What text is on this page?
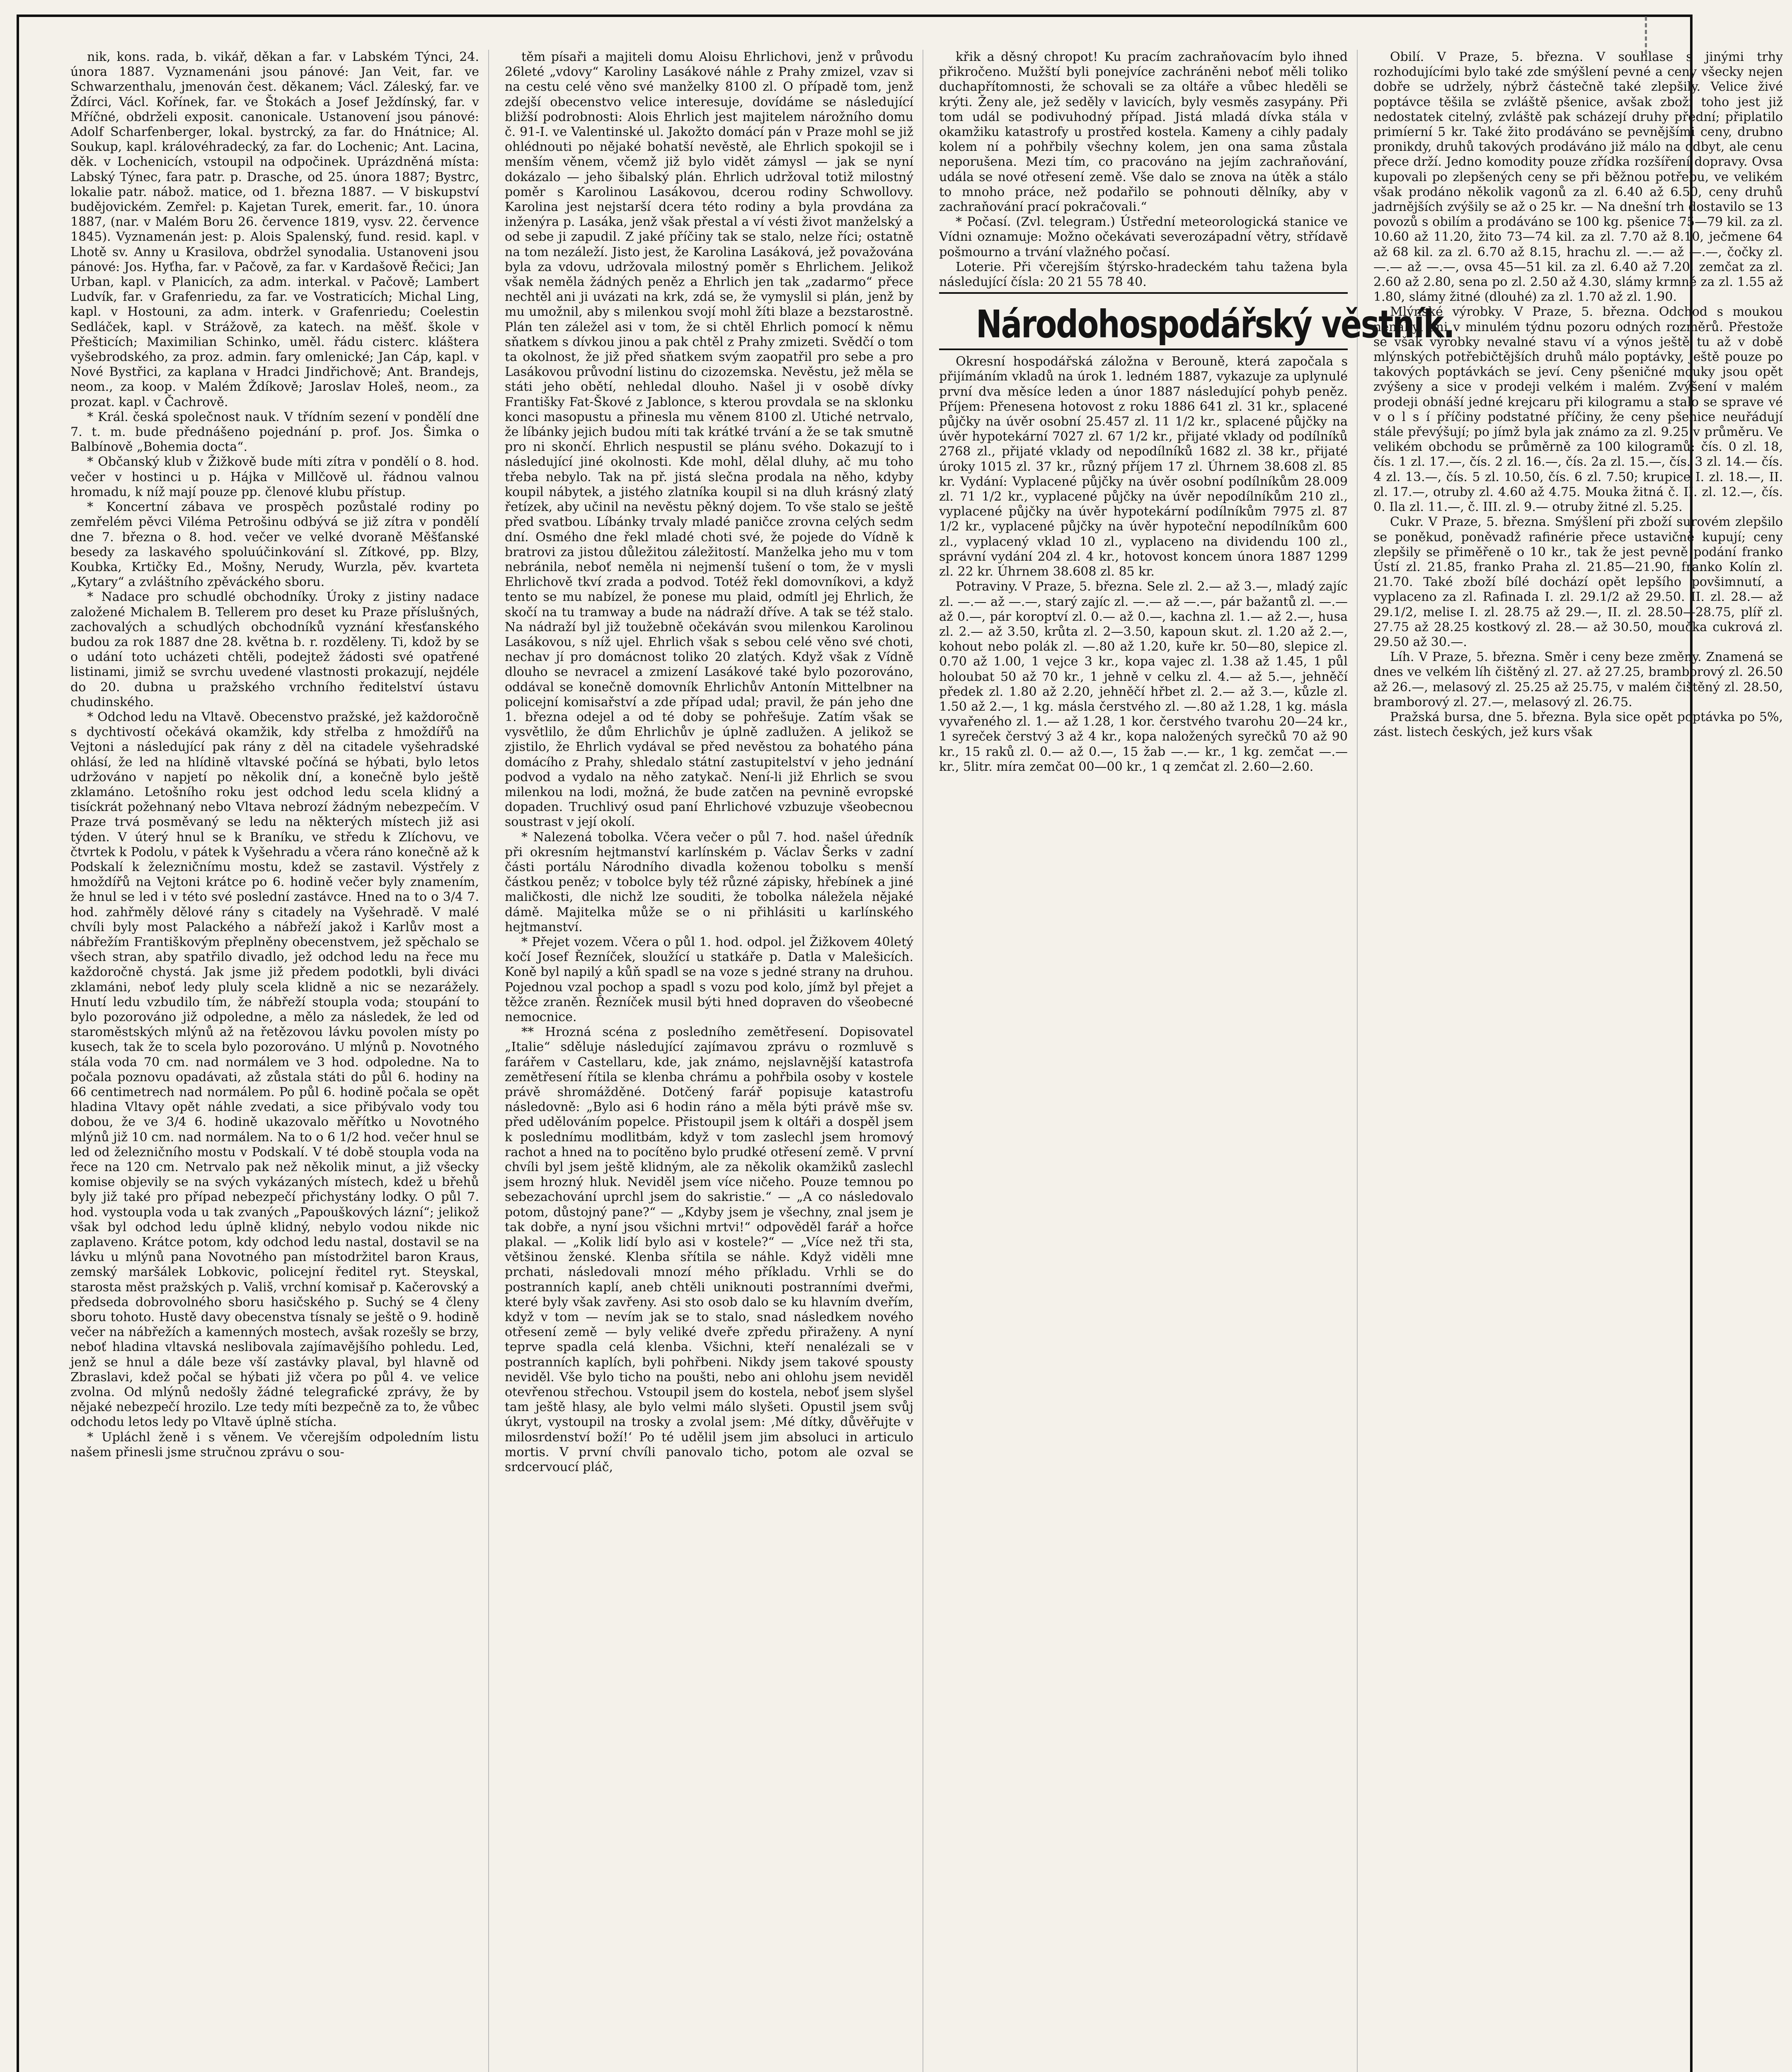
nik, kons. rada, b. vikář, děkan a far. v Labském Týnci, 24. února 1887. Vyznamenáni jsou pánové: Jan Veit, far. ve Schwarzenthalu, jmenován čest. děkanem; Václ. Záleský, far. ve Ždírci, Václ. Kořínek, far. ve Štokách a Josef Ježdínský, far. v Mříčné, obdrželi exposit. canonicale. Ustanovení jsou pánové: Adolf Scharfenberger, lokal. bystrcký, za far. do Hnátnice; Al. Soukup, kapl. královéhradecký, za far. do Lochenic; Ant. Lacina, děk. v Lochenicích, vstoupil na odpočinek. Uprázdněná místa: Labský Týnec, fara patr. p. Drasche, od 25. února 1887; Bystrc, lokalie patr. nábož. matice, od 1. března 1887. — V biskupství budějovickém. Zemřel: p. Kajetan Turek, emerit. far., 10. února 1887, (nar. v Malém Boru 26. července 1819, vysv. 22. července 1845). Vyznamenán jest: p. Alois Spalenský, fund. resid. kapl. v Lhotě sv. Anny u Krasilova, obdržel synodalia. Ustanoveni jsou pánové: Jos. Hyťha, far. v Pačově, za far. v Kardašově Řečici; Jan Urban, kapl. v Planicích, za adm. interkal. v Pačově; Lambert Ludvík, far. v Grafenriedu, za far. ve Vostraticích; Michal Ling, kapl. v Hostouni, za adm. interk. v Grafenriedu; Coelestin Sedláček, kapl. v Strážově, za katech. na měšť. škole v Přešticích; Maximilian Schinko, uměl. řádu cisterc. kláštera vyšebrodského, za proz. admin. fary omlenické; Jan Cáp, kapl. v Nové Bystřici, za kaplana v Hradci Jindřichově; Ant. Brandejs, neom., za koop. v Malém Ždíkově; Jaroslav Holeš, neom., za prozat. kapl. v Čachrově.

* Král. česká společnost nauk. V třídním sezení v pondělí dne 7. t. m. bude přednášeno pojednání p. prof. Jos. Šimka o Balbínově „Bohemia docta“.

* Občanský klub v Žižkově bude míti zítra v pondělí o 8. hod. večer v hostinci u p. Hájka v Millčově ul. řádnou valnou hromadu, k níž mají pouze pp. členové klubu přístup.

* Koncertní zábava ve prospěch pozůstalé rodiny po zemřelém pěvci Viléma Petrošinu odbývá se již zítra v pondělí dne 7. března o 8. hod. večer ve velké dvoraně Měšťanské besedy za laskavého spoluúčinkování sl. Zítkové, pp. Blzy, Koubka, Krtičky Ed., Mošny, Nerudy, Wurzla, pěv. kvarteta „Kytary“ a zvláštního zpěváckého sboru.

* Nadace pro schudlé obchodníky. Úroky z jistiny nadace založené Michalem B. Tellerem pro deset ku Praze příslušných, zachovalých a schudlých obchodníků vyznání křesťanského budou za rok 1887 dne 28. května b. r. rozděleny. Ti, kdož by se o udání toto ucházeti chtěli, podejtež žádosti své opatřené listinami, jimiž se svrchu uvedené vlastnosti prokazují, nejdéle do 20. dubna u pražského vrchního ředitelství ústavu chudinského.

* Odchod ledu na Vltavě. Obecenstvo pražské, jež každoročně s dychtivostí očekává okamžik, kdy střelba z hmoždířů na Vejtoni a následující pak rány z děl na citadele vyšehradské ohlásí, že led na hlídině vltavské počíná se hýbati, bylo letos udržováno v napjetí po několik dní, a konečně bylo ještě zklamáno. Letošního roku jest odchod ledu scela klidný a tisíckrát požehnaný nebo Vltava nebrozí žádným nebezpečím. V Praze trvá posměvaný se ledu na některých místech již asi týden. V úterý hnul se k Braníku, ve středu k Zlíchovu, ve čtvrtek k Podolu, v pátek k Vyšehradu a včera ráno konečně až k Podskalí k železničnímu mostu, kdež se zastavil. Výstřely z hmoždířů na Vejtoni krátce po 6. hodině večer byly znamením, že hnul se led i v této své poslední zastávce. Hned na to o 3/4 7. hod. zahřměly dělové rány s citadely na Vyšehradě. V malé chvíli byly most Palackého a nábřeží jakož i Karlův most a nábřežím Františkovým přeplněny obecenstvem, jež spěchalo se všech stran, aby spatřilo divadlo, jež odchod ledu na řece mu každoročně chystá. Jak jsme již předem podotkli, byli diváci zklamáni, neboť ledy pluly scela klidně a nic se nezarážely. Hnutí ledu vzbudilo tím, že nábřeží stoupla voda; stoupání to bylo pozorováno již odpoledne, a mělo za následek, že led od staroměstských mlýnů až na řetězovou lávku povolen místy po kusech, tak že to scela bylo pozorováno. U mlýnů p. Novotného stála voda 70 cm. nad normálem ve 3 hod. odpoledne. Na to počala poznovu opadávati, až zůstala státi do půl 6. hodiny na 66 centimetrech nad normálem. Po půl 6. hodině počala se opět hladina Vltavy opět náhle zvedati, a sice přibývalo vody tou dobou, že ve 3/4 6. hodině ukazovalo měřítko u Novotného mlýnů již 10 cm. nad normálem. Na to o 6 1/2 hod. večer hnul se led od železničního mostu v Podskalí. V té době stoupla voda na řece na 120 cm. Netrvalo pak než několik minut, a již všecky komise objevily se na svých vykázaných místech, kdež u břehů byly již také pro případ nebezpečí přichystány lodky. O půl 7. hod. vystoupla voda u tak zvaných „Papouškových lázní“; jelikož však byl odchod ledu úplně klidný, nebylo vodou nikde nic zaplaveno. Krátce potom, kdy odchod ledu nastal, dostavil se na lávku u mlýnů pana Novotného pan místodržitel baron Kraus, zemský maršálek Lobkovic, policejní ředitel ryt. Steyskal, starosta měst pražských p. Vališ, vrchní komisař p. Kačerovský a předseda dobrovolného sboru hasičského p. Suchý se 4 členy sboru tohoto. Hustě davy obecenstva tísnaly se ještě o 9. hodině večer na nábřežích a kamenných mostech, avšak rozešly se brzy, neboť hladina vltavská neslibovala zajímavějšího pohledu. Led, jenž se hnul a dále beze vší zastávky plaval, byl hlavně od Zbraslavi, kdež počal se hýbati již včera po půl 4. ve velice zvolna. Od mlýnů nedošly žádné telegrafické zprávy, že by nějaké nebezpečí hrozilo. Lze tedy míti bezpečně za to, že vůbec odchodu letos ledy po Vltavě úplně stícha.

* Upláchl ženě i s věnem. Ve včerejším odpoledním listu našem přinesli jsme stručnou zprávu o sou-

těm písaři a majiteli domu Aloisu Ehrlichovi, jenž v průvodu 26leté „vdovy“ Karoliny Lasákové náhle z Prahy zmizel, vzav si na cestu celé věno své manželky 8100 zl. O případě tom, jenž zdejší obecenstvo velice interesuje, dovídáme se následující bližší podrobnosti: Alois Ehrlich jest majitelem nárožního domu č. 91-I. ve Valentinské ul. Jakožto domácí pán v Praze mohl se již ohlédnouti po nějaké bohatší nevěstě, ale Ehrlich spokojil se i menším věnem, včemž již bylo vidět zámysl — jak se nyní dokázalo — jeho šibalský plán. Ehrlich udržoval totiž milostný poměr s Karolinou Lasákovou, dcerou rodiny Schwollovy. Karolina jest nejstarší dcera této rodiny a byla provdána za inženýra p. Lasáka, jenž však přestal a ví vésti život manželský a od sebe ji zapudil. Z jaké příčiny tak se stalo, nelze říci; ostatně na tom nezáleží. Jisto jest, že Karolina Lasáková, jež považována byla za vdovu, udržovala milostný poměr s Ehrlichem. Jelikož však neměla žádných peněz a Ehrlich jen tak „zadarmo“ přece nechtěl ani ji uvázati na krk, zdá se, že vymyslil si plán, jenž by mu umožnil, aby s milenkou svojí mohl žíti blaze a bezstarostně. Plán ten záležel asi v tom, že si chtěl Ehrlich pomocí k němu sňatkem s dívkou jinou a pak chtěl z Prahy zmizeti. Svědčí o tom ta okolnost, že již před sňatkem svým zaopatřil pro sebe a pro Lasákovou průvodní listinu do cizozemska. Nevěstu, jež měla se státi jeho obětí, nehledal dlouho. Našel ji v osobě dívky Františky Fat-Škové z Jablonce, s kterou provdala se na sklonku konci masopustu a přinesla mu věnem 8100 zl. Utiché netrvalo, že líbánky jejich budou míti tak krátké trvání a že se tak smutně pro ni skončí. Ehrlich nespustil se plánu svého. Dokazují to i následující jiné okolnosti. Kde mohl, dělal dluhy, ač mu toho třeba nebylo. Tak na př. jistá slečna prodala na něho, kdyby koupil nábytek, a jistého zlatníka koupil si na dluh krásný zlatý řetízek, aby učinil na nevěstu pěkný dojem. To vše stalo se ještě před svatbou. Líbánky trvaly mladé paničce zrovna celých sedm dní. Osmého dne řekl mladé choti své, že pojede do Vídně k bratrovi za jistou důležitou záležitostí. Manželka jeho mu v tom nebránila, neboť neměla ni nejmenší tušení o tom, že v mysli Ehrlichově tkví zrada a podvod. Totéž řekl domovníkovi, a když tento se mu nabízel, že ponese mu plaid, odmítl jej Ehrlich, že skočí na tu tramway a bude na nádraží dříve. A tak se též stalo. Na nádraží byl již toužebně očekáván svou milenkou Karolinou Lasákovou, s níž ujel. Ehrlich však s sebou celé věno své choti, nechav jí pro domácnost toliko 20 zlatých. Když však z Vídně dlouho se nevracel a zmizení Lasákové také bylo pozorováno, oddával se konečně domovník Ehrlichův Antonín Mittelbner na policejní komisařství a zde případ udal; pravil, že pán jeho dne 1. března odejel a od té doby se pohřešuje. Zatím však se vysvětlilo, že dům Ehrlichův je úplně zadlužen. A jelikož se zjistilo, že Ehrlich vydával se před nevěstou za bohatého pána domácího z Prahy, shledalo státní zastupitelství v jeho jednání podvod a vydalo na něho zatykač. Není-li již Ehrlich se svou milenkou na lodi, možná, že bude zatčen na pevnině evropské dopaden. Truchlivý osud paní Ehrlichové vzbuzuje všeobecnou soustrast v její okolí.

* Nalezená tobolka. Včera večer o půl 7. hod. našel úředník při okresním hejtmanství karlínském p. Václav Šerks v zadní části portálu Národního divadla koženou tobolku s menší částkou peněz; v tobolce byly též různé zápisky, hřebínek a jiné maličkosti, dle nichž lze souditi, že tobolka náležela nějaké dámě. Majitelka může se o ni přihlásiti u karlínského hejtmanství.

* Přejet vozem. Včera o půl 1. hod. odpol. jel Žižkovem 40letý kočí Josef Řezníček, sloužící u statkáře p. Datla v Malešicích. Koně byl napilý a kůň spadl se na voze s jedné strany na druhou. Pojednou vzal pochop a spadl s vozu pod kolo, jímž byl přejet a těžce zraněn. Řezníček musil býti hned dopraven do všeobecné nemocnice.

** Hrozná scéna z posledního zemětřesení. Dopisovatel „Italie“ sděluje následující zajímavou zprávu o rozmluvě s farářem v Castellaru, kde, jak známo, nejslavnější katastrofa zemětřesení řítila se klenba chrámu a pohřbila osoby v kostele právě shromážděné. Dotčený farář popisuje katastrofu následovně: „Bylo asi 6 hodin ráno a měla býti právě mše sv. před udělováním popelce. Přistoupil jsem k oltáři a dospěl jsem k poslednímu modlitbám, když v tom zaslechl jsem hromový rachot a hned na to pocítěno bylo prudké otřesení země. V první chvíli byl jsem ještě klidným, ale za několik okamžiků zaslechl jsem hrozný hluk. Neviděl jsem více ničeho. Pouze temnou po sebezachování uprchl jsem do sakristie.“ — „A co následovalo potom, důstojný pane?“ — „Kdyby jsem je všechny, znal jsem je tak dobře, a nyní jsou všichni mrtvi!“ odpověděl farář a hořce plakal. — „Kolik lidí bylo asi v kostele?“ — „Více než tři sta, většinou ženské. Klenba sřítila se náhle. Když viděli mne prchati, následovali mnozí mého příkladu. Vrhli se do postranních kaplí, aneb chtěli uniknouti postranními dveřmi, které byly však zavřeny. Asi sto osob dalo se ku hlavním dveřím, když v tom — nevím jak se to stalo, snad následkem nového otřesení země — byly veliké dveře zpředu přiraženy. A nyní teprve spadla celá klenba. Všichni, kteří nenalézali se v postranních kaplích, byli pohřbeni. Nikdy jsem takové spousty neviděl. Vše bylo ticho na poušti, nebo ani ohlohu jsem neviděl otevřenou střechou. Vstoupil jsem do kostela, neboť jsem slyšel tam ještě hlasy, ale bylo velmi málo slyšeti. Opustil jsem svůj úkryt, vystoupil na trosky a zvolal jsem: ‚Mé dítky, důvěřujte v milosrdenství boží!‘ Po té udělil jsem jim absoluci in articulo mortis. V první chvíli panovalo ticho, potom ale ozval se srdcervoucí pláč,

křik a děsný chropot! Ku pracím zachraňovacím bylo ihned přikročeno. Mužští byli ponejvíce zachráněni neboť měli toliko duchapřítomnosti, že schovali se za oltáře a vůbec hleděli se krýti. Ženy ale, jež seděly v lavicích, byly vesměs zasypány. Při tom udál se podivuhodný případ. Jistá mladá dívka stála v okamžiku katastrofy u prostřed kostela. Kameny a cihly padaly kolem ní a pohřbily všechny kolem, jen ona sama zůstala neporušena. Mezi tím, co pracováno na jejím zachraňování, udála se nové otřesení země. Vše dalo se znova na útěk a stálo to mnoho práce, než podařilo se pohnouti dělníky, aby v zachraňování prací pokračovali.“

* Počasí. (Zvl. telegram.) Ústřední meteorologická stanice ve Vídni oznamuje: Možno očekávati severozápadní větry, střídavě pošmourno a trvání vlažného počasí.

Loterie. Při včerejším štýrsko-hradeckém tahu tažena byla následující čísla: 20 21 55 78 40.

Národohospodářský věstník.

Okresní hospodářská záložna v Berouně, která započala s přijímáním vkladů na úrok 1. ledném 1887, vykazuje za uplynulé první dva měsíce leden a únor 1887 následující pohyb peněz. Příjem: Přenesena hotovost z roku 1886 641 zl. 31 kr., splacené půjčky na úvěr osobní 25.457 zl. 11 1/2 kr., splacené půjčky na úvěr hypotekární 7027 zl. 67 1/2 kr., přijaté vklady od podílníků 2768 zl., přijaté vklady od nepodílníků 1682 zl. 38 kr., přijaté úroky 1015 zl. 37 kr., různý příjem 17 zl. Úhrnem 38.608 zl. 85 kr. Vydání: Vyplacené půjčky na úvěr osobní podílníkům 28.009 zl. 71 1/2 kr., vyplacené půjčky na úvěr nepodílníkům 210 zl., vyplacené půjčky na úvěr hypotekární podílníkům 7975 zl. 87 1/2 kr., vyplacené půjčky na úvěr hypoteční nepodílníkům 600 zl., vyplacený vklad 10 zl., vyplaceno na dividendu 100 zl., správní vydání 204 zl. 4 kr., hotovost koncem února 1887 1299 zl. 22 kr. Úhrnem 38.608 zl. 85 kr.

Potraviny. V Praze, 5. března. Sele zl. 2.— až 3.—, mladý zajíc zl. —.— až —.—, starý zajíc zl. —.— až —.—, pár bažantů zl. —.— až 0.—, pár koroptví zl. 0.— až 0.—, kachna zl. 1.— až 2.—, husa zl. 2.— až 3.50, krůta zl. 2—3.50, kapoun skut. zl. 1.20 až 2.—, kohout nebo polák zl. —.80 až 1.20, kuře kr. 50—80, slepice zl. 0.70 až 1.00, 1 vejce 3 kr., kopa vajec zl. 1.38 až 1.45, 1 půl holoubat 50 až 70 kr., 1 jehně v celku zl. 4.— až 5.—, jehněčí předek zl. 1.80 až 2.20, jehněčí hřbet zl. 2.— až 3.—, kůzle zl. 1.50 až 2.—, 1 kg. másla čerstvého zl. —.80 až 1.28, 1 kg. másla vyvařeného zl. 1.— až 1.28, 1 kor. čerstvého tvarohu 20—24 kr., 1 syreček čerstvý 3 až 4 kr., kopa naložených syrečků 70 až 90 kr., 15 raků zl. 0.— až 0.—, 15 žab —.— kr., 1 kg. zemčat —.— kr., 5litr. míra zemčat 00—00 kr., 1 q zemčat zl. 2.60—2.60.

Obilí. V Praze, 5. března. V souhlase s jinými trhy rozhodujícími bylo také zde smýšlení pevné a ceny všecky nejen dobře se udržely, nýbrž částečně také zlepšily. Velice živé poptávce těšila se zvláště pšenice, avšak zboží toho jest již nedostatek citelný, zvláště pak scházejí druhy přední; připlatilo primíerní 5 kr. Také žito prodáváno se pevnějšími ceny, drubno pronikdy, druhů takových prodáváno již málo na odbyt, ale cenu přece drží. Jedno komodity pouze zřídka rozšíření dopravy. Ovsa kupovali po zlepšených ceny se při běžnou potřebu, ve velikém však prodáno několik vagonů za zl. 6.40 až 6.50, ceny druhů jadrnějších zvýšily se až o 25 kr. — Na dnešní trh dostavilo se 13 povozů s obilím a prodáváno se 100 kg. pšenice 75—79 kil. za zl. 10.60 až 11.20, žito 73—74 kil. za zl. 7.70 až 8.10, ječmene 64 až 68 kil. za zl. 6.70 až 8.15, hrachu zl. —.— až —.—, čočky zl. —.— až —.—, ovsa 45—51 kil. za zl. 6.40 až 7.20, zemčat za zl. 2.60 až 2.80, sena po zl. 2.50 až 4.30, slámy krmné za zl. 1.55 až 1.80, slámy žitné (dlouhé) za zl. 1.70 až zl. 1.90.

Mlýnské výrobky. V Praze, 5. března. Odchod s moukou nenabyl ani v minulém týdnu pozoru odných rozměrů. Přestože se však výrobky nevalné stavu ví a výnos ještě tu až v době mlýnských potřebičtějších druhů málo poptávky, ještě pouze po takových poptávkách se jeví. Ceny pšeničné mouky jsou opět zvýšeny a sice v prodeji velkém i malém. Zvýšení v malém prodeji obnáší jedné krejcaru při kilogramu a stalo se sprave vé v o l s í příčiny podstatné příčiny, že ceny pšenice neuřádují stále převýšují; po jímž byla jak známo za zl. 9.25 v průměru. Ve velikém obchodu se průměrně za 100 kilogramů: čís. 0 zl. 18, čís. 1 zl. 17.—, čís. 2 zl. 16.—, čís. 2a zl. 15.—, čís. 3 zl. 14.— čís. 4 zl. 13.—, čís. 5 zl. 10.50, čís. 6 zl. 7.50; krupice I. zl. 18.—, II. zl. 17.—, otruby zl. 4.60 až 4.75. Mouka žitná č. II. zl. 12.—, čís. 0. Ila zl. 11.—, č. III. zl. 9.— otruby žitné zl. 5.25.

Cukr. V Praze, 5. března. Smýšlení při zboží surovém zlepšilo se poněkud, poněvadž rafinérie přece ustavičně kupují; ceny zlepšily se přiměřeně o 10 kr., tak že jest pevně podání franko Ústí zl. 21.85, franko Praha zl. 21.85—21.90, franko Kolín zl. 21.70. Také zboží bílé dochází opět lepšího povšimnutí, a vyplaceno za zl. Rafinada I. zl. 29.1/2 až 29.50. II. zl. 28.— až 29.1/2, melise I. zl. 28.75 až 29.—, II. zl. 28.50—28.75, plíř zl. 27.75 až 28.25 kostkový zl. 28.— až 30.50, moučka cukrová zl. 29.50 až 30.—.

Líh. V Praze, 5. března. Směr i ceny beze změny. Znamená se dnes ve velkém líh čištěný zl. 27. až 27.25, bramborový zl. 26.50 až 26.—, melasový zl. 25.25 až 25.75, v malém čištěný zl. 28.50, bramborový zl. 27.—, melasový zl. 26.75.

Pražská bursa, dne 5. března. Byla sice opět poptávka po 5%, zást. listech českých, jež kurs však
